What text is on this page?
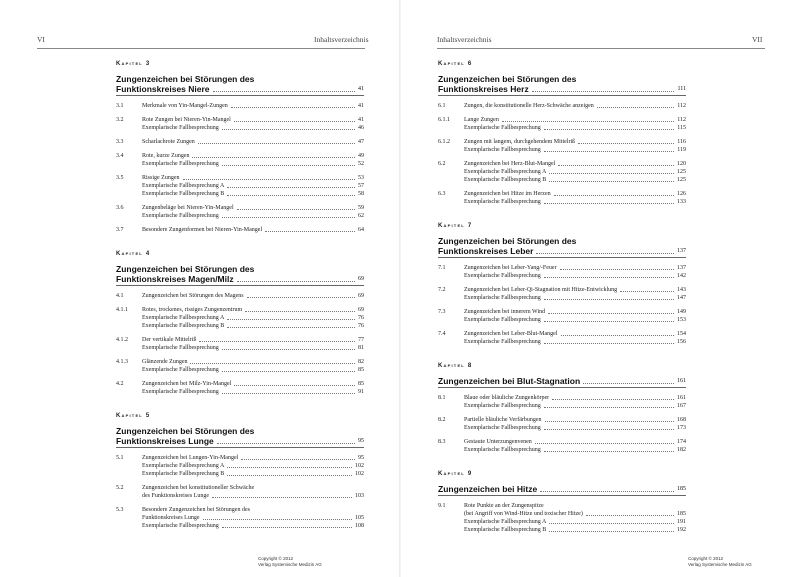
VI	Inhaltsverzeichnis
Kapitel 3
Zungenzeichen bei Störungen des
Funktionskreises Niere	41
3.1	Merkmale von Yin-Mangel-Zungen	41
3.2	Rote Zungen bei Nieren-Yin-Mangel	41
Exemplarische Fallbesprechung	46
3.3	Scharlachrote Zungen	47
3.4	Rote, kurze Zungen	49
Exemplarische Fallbesprechung	52
3.5	Rissige Zungen	53
Exemplarische Fallbesprechung A	57
Exemplarische Fallbesprechung B	58
3.6	Zungenbeläge bei Nieren-Yin-Mangel	59
Exemplarische Fallbesprechung	62
3.7	Besondere Zungenformen bei Nieren-Yin-Mangel	64
Kapitel 4
Zungenzeichen bei Störungen des
Funktionskreises Magen/Milz	69
4.1	Zungenzeichen bei Störungen des Magens	69
4.1.1	Rotes, trockenes, rissiges Zungenzentrum	69
Exemplarische Fallbesprechung A	76
Exemplarische Fallbesprechung B	76
4.1.2	Der vertikale Mittelriß	77
Exemplarische Fallbesprechung	81
4.1.3	Glänzende Zungen	82
Exemplarische Fallbesprechung	85
4.2	Zungenzeichen bei Milz-Yin-Mangel	85
Exemplarische Fallbesprechung	91
Kapitel 5
Zungenzeichen bei Störungen des
Funktionskreises Lunge	95
5.1	Zungenzeichen bei Lungen-Yin-Mangel	95
Exemplarische Fallbesprechung A	102
Exemplarische Fallbesprechung B	102
5.2	Zungenzeichen bei konstitutioneller Schwäche
des Funktionskreises Lunge	103
5.3	Besondere Zungenzeichen bei Störungen des
Funktionskreises Lunge	105
Exemplarische Fallbesprechung	108
Copyright © 2012
Verlag Systemische Medizin AG
Inhaltsverzeichnis	VII
Kapitel 6
Zungenzeichen bei Störungen des
Funktionskreises Herz	111
6.1	Zungen, die konstitutionelle Herz-Schwäche anzeigen	112
6.1.1	Lange Zungen	112
Exemplarische Fallbesprechung	115
6.1.2	Zungen mit langem, durchgehendem Mittelriß	116
Exemplarische Fallbesprechung	119
6.2	Zungenzeichen bei Herz-Blut-Mangel	120
Exemplarische Fallbesprechung A	125
Exemplarische Fallbesprechung B	125
6.3	Zungenzeichen bei Hitze im Herzen	126
Exemplarische Fallbesprechung	133
Kapitel 7
Zungenzeichen bei Störungen des
Funktionskreises Leber	137
7.1	Zungenzeichen bei Leber-Yang/-Feuer	137
Exemplarische Fallbesprechung	142
7.2	Zungenzeichen bei Leber-Qi-Stagnation mit Hitze-Entwicklung	143
Exemplarische Fallbesprechung	147
7.3	Zungenzeichen bei innerem Wind	149
Exemplarische Fallbesprechung	153
7.4	Zungenzeichen bei Leber-Blut-Mangel	154
Exemplarische Fallbesprechung	156
Kapitel 8
Zungenzeichen bei Blut-Stagnation	161
8.1	Blaue oder bläuliche Zungenkörper	161
Exemplarische Fallbesprechung	167
8.2	Partielle bläuliche Verfärbungen	168
Exemplarische Fallbesprechung	173
8.3	Gestaute Unterzungenvenen	174
Exemplarische Fallbesprechung	182
Kapitel 9
Zungenzeichen bei Hitze	185
9.1	Rote Punkte an der Zungenspitze
(bei Angriff von Wind-Hitze und toxischer Hitze)	185
Exemplarische Fallbesprechung A	191
Exemplarische Fallbesprechung B	192
Copyright © 2012
Verlag Systemische Medizin AG
